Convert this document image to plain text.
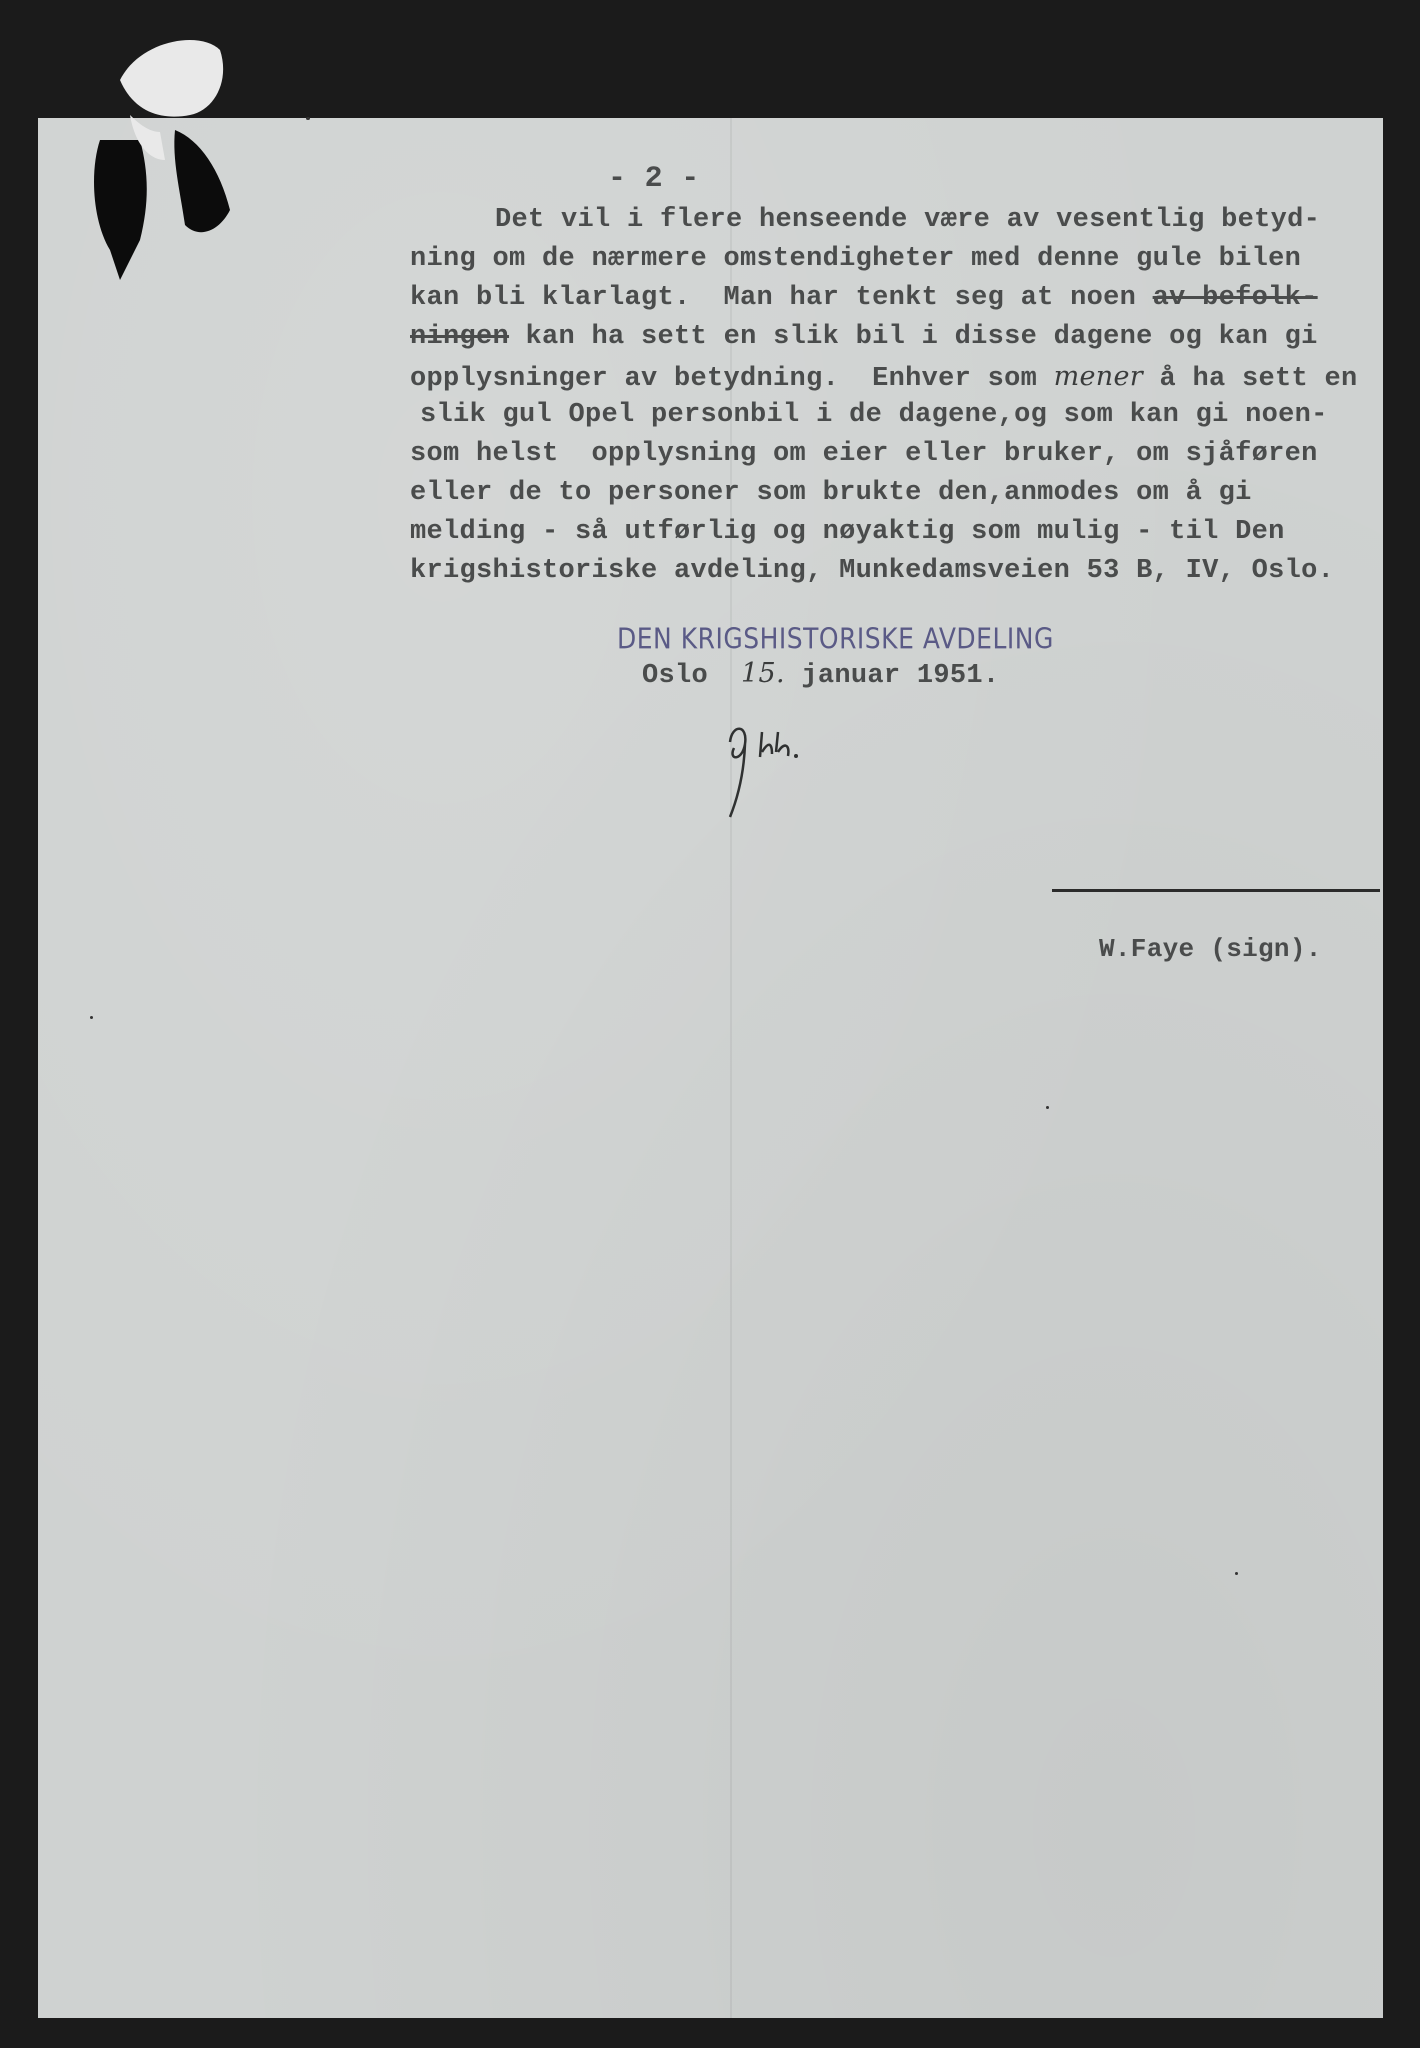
- 2 -
Det vil i flere henseende være av vesentlig betyd-
ning om de nærmere omstendigheter med denne gule bilen
kan bli klarlagt.  Man har tenkt seg at noen av befolk-
ningen kan ha sett en slik bil i disse dagene og kan gi
opplysninger av betydning.  Enhver som mener å ha sett en
slik gul Opel personbil i de dagene,og som kan gi noen-
som helst  opplysning om eier eller bruker, om sjåføren
eller de to personer som brukte den,anmodes om å gi
melding - så utførlig og nøyaktig som mulig - til Den
krigshistoriske avdeling, Munkedamsveien 53 B, IV, Oslo.
DEN KRIGSHISTORISKE AVDELING
Oslo 15. januar 1951.
W.Faye (sign).
